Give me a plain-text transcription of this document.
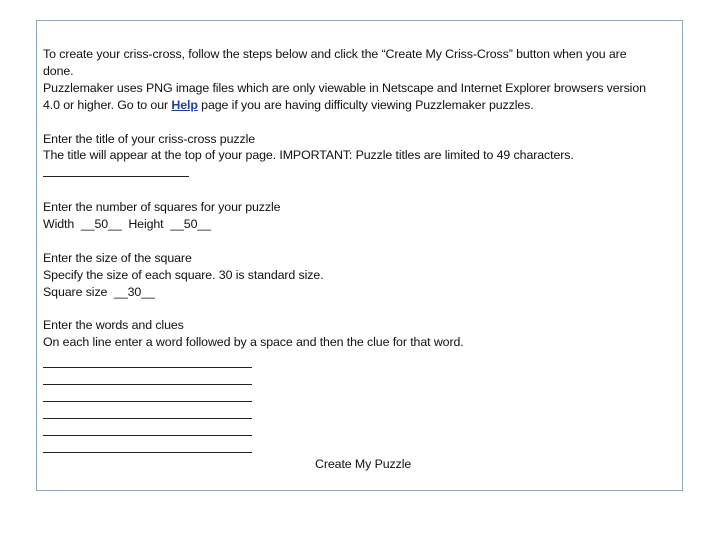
To create your criss-cross, follow the steps below and click the “Create My Criss-Cross” button when you are
done.
Puzzlemaker uses PNG image files which are only viewable in Netscape and Internet Explorer browsers version
4.0 or higher. Go to our Help page if you are having difficulty viewing Puzzlemaker puzzles.
Enter the title of your criss-cross puzzle
The title will appear at the top of your page. IMPORTANT: Puzzle titles are limited to 49 characters.
Enter the number of squares for your puzzle
Width __50__ Height __50__
Enter the size of the square
Specify the size of each square. 30 is standard size.
Square size __30__
Enter the words and clues
On each line enter a word followed by a space and then the clue for that word.
Create My Puzzle
